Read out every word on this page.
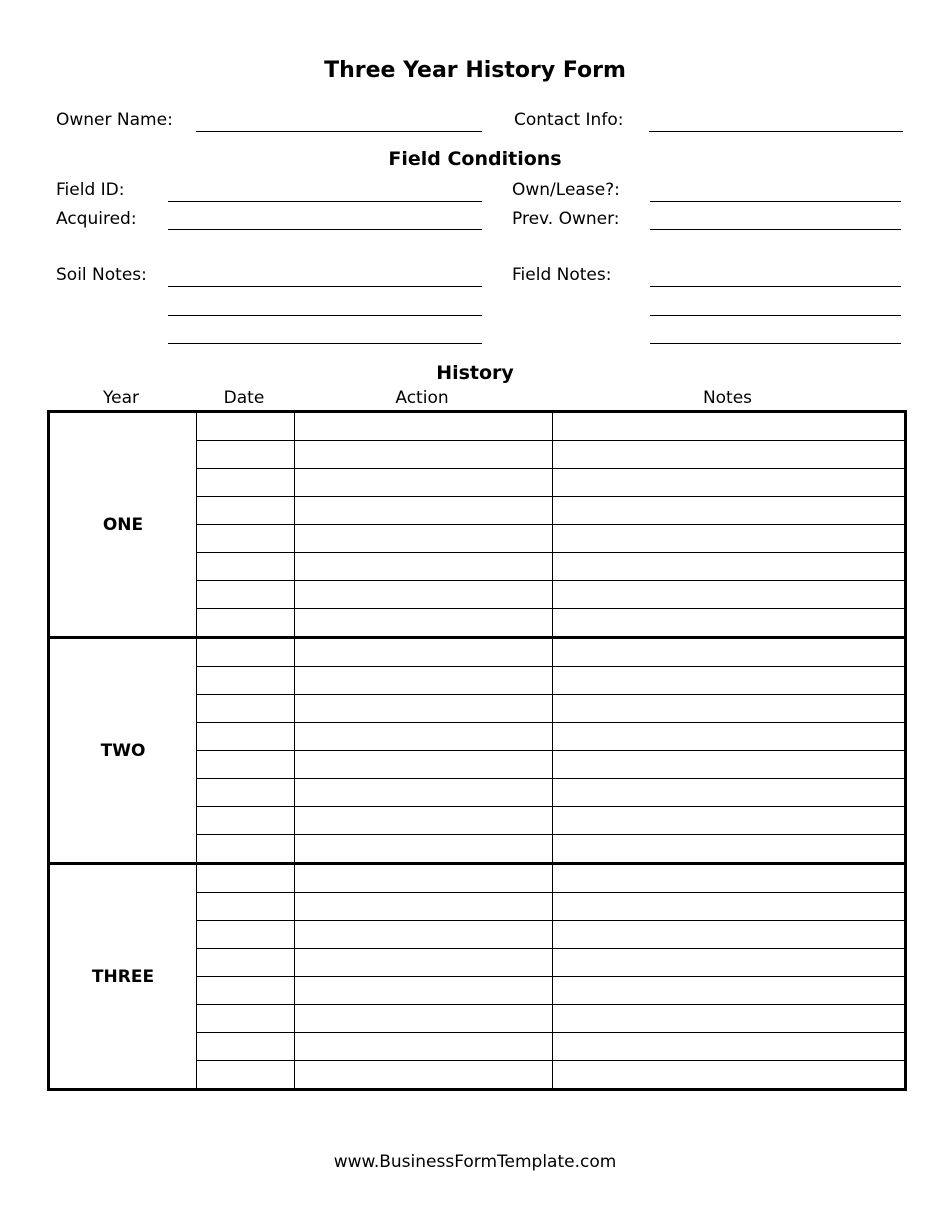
Three Year History Form
Owner Name:	Contact Info:
Field Conditions
Field ID:	Own/Lease?:
Acquired:	Prev. Owner:
Soil Notes:	Field Notes:
History
Year	Date	Action	Notes
ONE			

TWO			

THREE			

www.BusinessFormTemplate.com
